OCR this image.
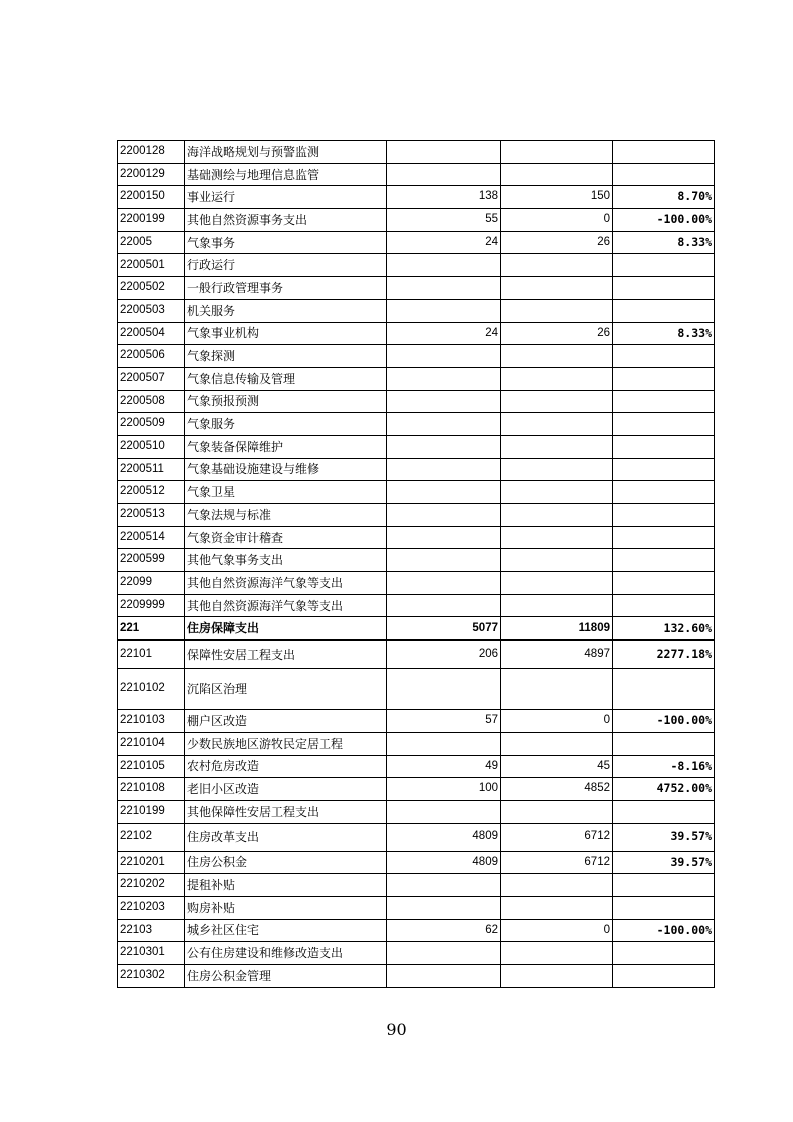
2200128	海洋战略规划与预警监测			
2200129	基础测绘与地理信息监管			
2200150	事业运行	138	150	8.70%
2200199	其他自然资源事务支出	55	0	-100.00%
22005	气象事务	24	26	8.33%
2200501	行政运行			
2200502	一般行政管理事务			
2200503	机关服务			
2200504	气象事业机构	24	26	8.33%
2200506	气象探测			
2200507	气象信息传输及管理			
2200508	气象预报预测			
2200509	气象服务			
2200510	气象装备保障维护			
2200511	气象基础设施建设与维修			
2200512	气象卫星			
2200513	气象法规与标准			
2200514	气象资金审计稽查			
2200599	其他气象事务支出			
22099	其他自然资源海洋气象等支出			
2209999	其他自然资源海洋气象等支出			
221	住房保障支出	5077	11809	132.60%
22101	保障性安居工程支出	206	4897	2277.18%
2210102	沉陷区治理			
2210103	棚户区改造	57	0	-100.00%
2210104	少数民族地区游牧民定居工程			
2210105	农村危房改造	49	45	-8.16%
2210108	老旧小区改造	100	4852	4752.00%
2210199	其他保障性安居工程支出			
22102	住房改革支出	4809	6712	39.57%
2210201	住房公积金	4809	6712	39.57%
2210202	提租补贴			
2210203	购房补贴			
22103	城乡社区住宅	62	0	-100.00%
2210301	公有住房建设和维修改造支出			
2210302	住房公积金管理			
90
